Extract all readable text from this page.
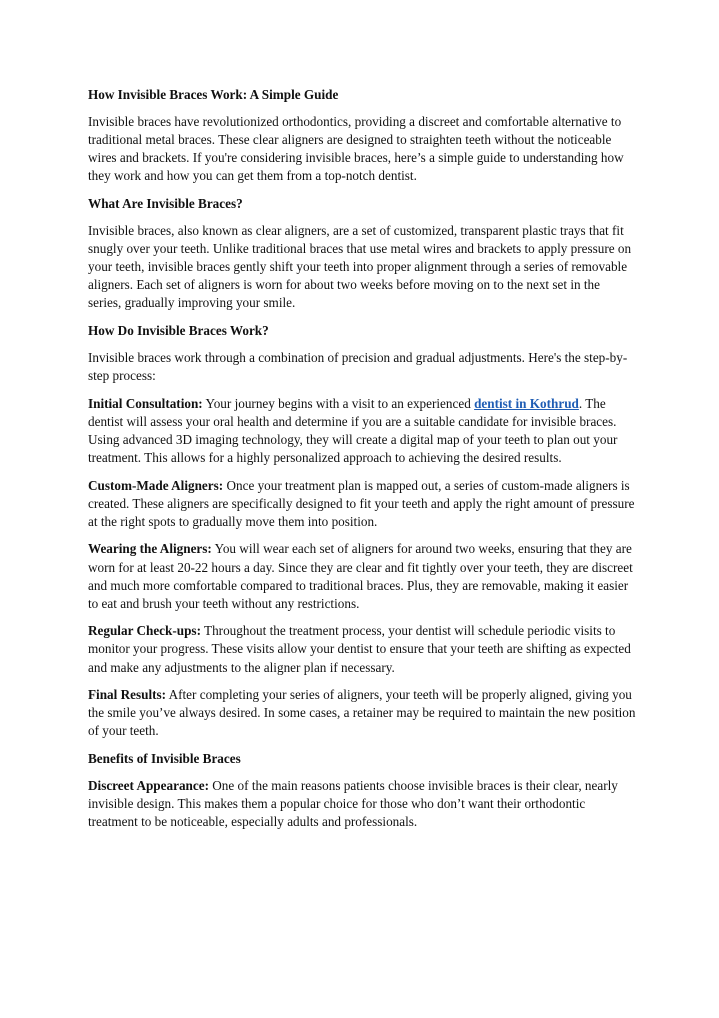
How Invisible Braces Work: A Simple Guide

Invisible braces have revolutionized orthodontics, providing a discreet and comfortable alternative to traditional metal braces. These clear aligners are designed to straighten teeth without the noticeable wires and brackets. If you're considering invisible braces, here’s a simple guide to understanding how they work and how you can get them from a top-notch dentist.

What Are Invisible Braces?

Invisible braces, also known as clear aligners, are a set of customized, transparent plastic trays that fit snugly over your teeth. Unlike traditional braces that use metal wires and brackets to apply pressure on your teeth, invisible braces gently shift your teeth into proper alignment through a series of removable aligners. Each set of aligners is worn for about two weeks before moving on to the next set in the series, gradually improving your smile.

How Do Invisible Braces Work?

Invisible braces work through a combination of precision and gradual adjustments. Here's the step-by-step process:

Initial Consultation: Your journey begins with a visit to an experienced dentist in Kothrud. The dentist will assess your oral health and determine if you are a suitable candidate for invisible braces. Using advanced 3D imaging technology, they will create a digital map of your teeth to plan out your treatment. This allows for a highly personalized approach to achieving the desired results.

Custom-Made Aligners: Once your treatment plan is mapped out, a series of custom-made aligners is created. These aligners are specifically designed to fit your teeth and apply the right amount of pressure at the right spots to gradually move them into position.

Wearing the Aligners: You will wear each set of aligners for around two weeks, ensuring that they are worn for at least 20-22 hours a day. Since they are clear and fit tightly over your teeth, they are discreet and much more comfortable compared to traditional braces. Plus, they are removable, making it easier to eat and brush your teeth without any restrictions.

Regular Check-ups: Throughout the treatment process, your dentist will schedule periodic visits to monitor your progress. These visits allow your dentist to ensure that your teeth are shifting as expected and make any adjustments to the aligner plan if necessary.

Final Results: After completing your series of aligners, your teeth will be properly aligned, giving you the smile you’ve always desired. In some cases, a retainer may be required to maintain the new position of your teeth.

Benefits of Invisible Braces

Discreet Appearance: One of the main reasons patients choose invisible braces is their clear, nearly invisible design. This makes them a popular choice for those who don’t want their orthodontic treatment to be noticeable, especially adults and professionals.
